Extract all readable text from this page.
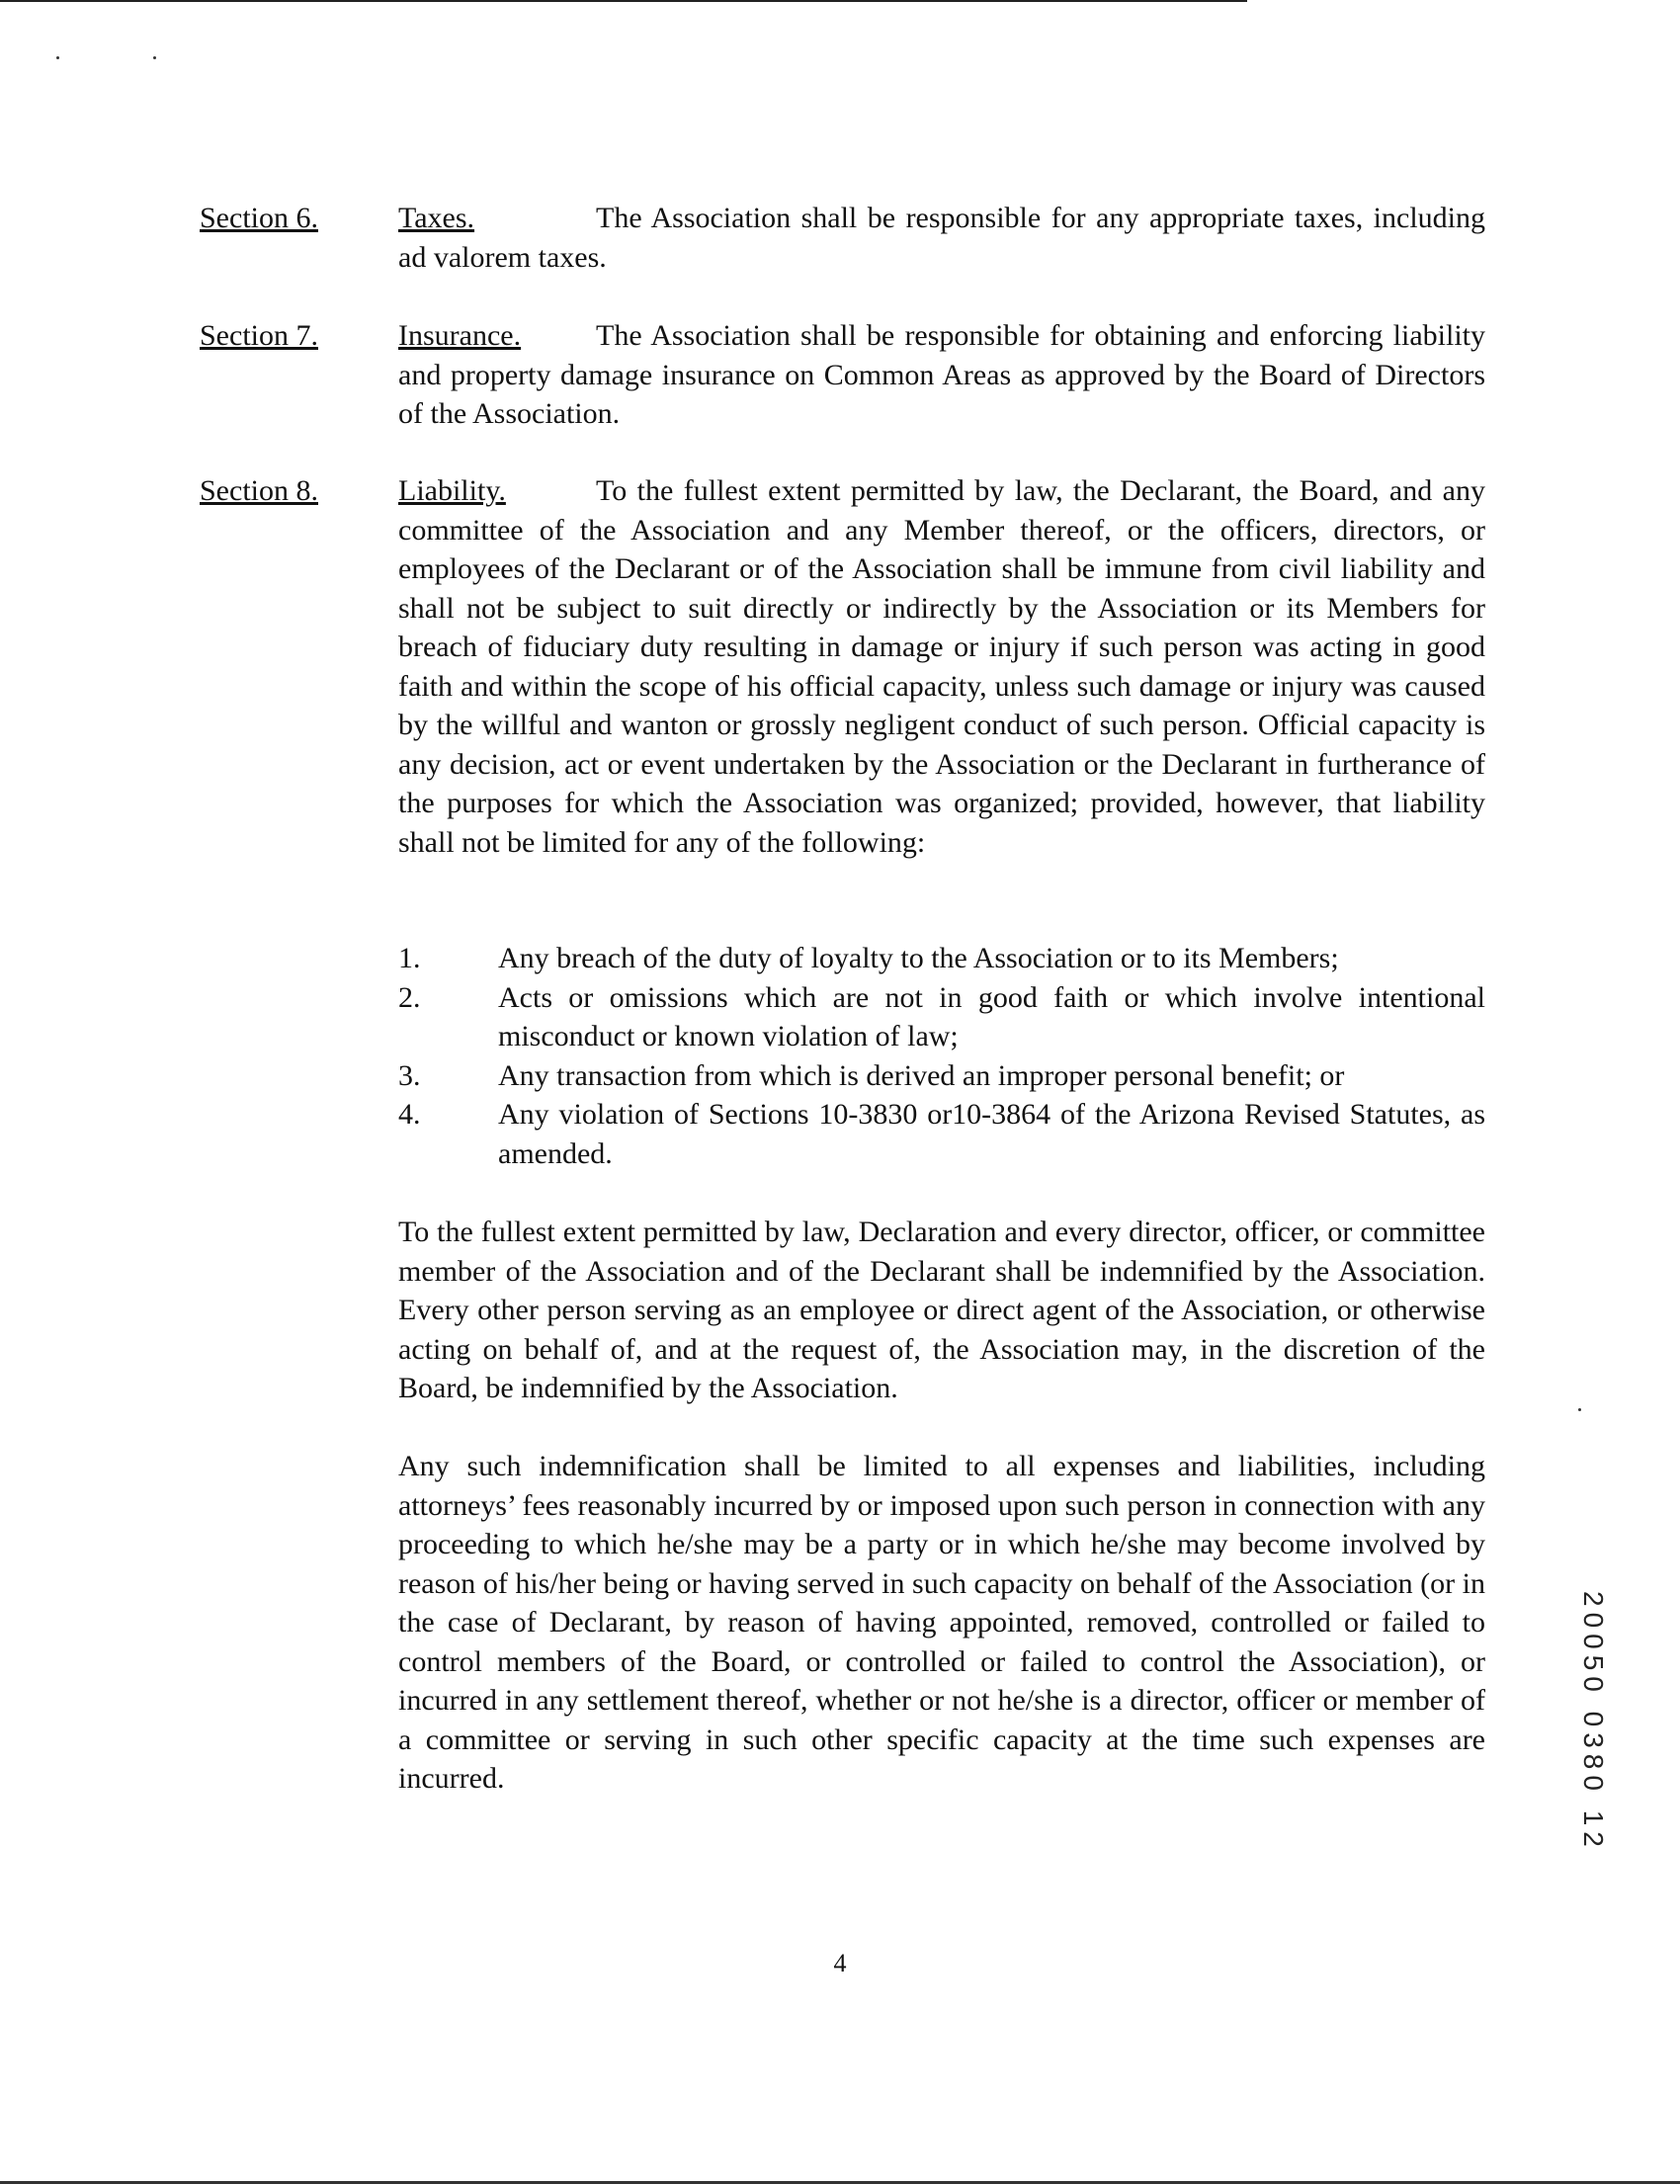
Section 6.	Taxes.	The Association shall be responsible for any appropriate taxes, including ad valorem taxes.
Section 7.	Insurance.	The Association shall be responsible for obtaining and enforcing liability and property damage insurance on Common Areas as approved by the Board of Directors of the Association.
Section 8.	Liability.	To the fullest extent permitted by law, the Declarant, the Board, and any committee of the Association and any Member thereof, or the officers, directors, or employees of the Declarant or of the Association shall be immune from civil liability and shall not be subject to suit directly or indirectly by the Association or its Members for breach of fiduciary duty resulting in damage or injury if such person was acting in good faith and within the scope of his official capacity, unless such damage or injury was caused by the willful and wanton or grossly negligent conduct of such person. Official capacity is any decision, act or event undertaken by the Association or the Declarant in furtherance of the purposes for which the Association was organized; provided, however, that liability shall not be limited for any of the following:
1.	Any breach of the duty of loyalty to the Association or to its Members;
2.	Acts or omissions which are not in good faith or which involve intentional misconduct or known violation of law;
3.	Any transaction from which is derived an improper personal benefit; or
4.	Any violation of Sections 10-3830 or10-3864 of the Arizona Revised Statutes, as amended.
To the fullest extent permitted by law, Declaration and every director, officer, or committee member of the Association and of the Declarant shall be indemnified by the Association. Every other person serving as an employee or direct agent of the Association, or otherwise acting on behalf of, and at the request of, the Association may, in the discretion of the Board, be indemnified by the Association.
Any such indemnification shall be limited to all expenses and liabilities, including attorneys’ fees reasonably incurred by or imposed upon such person in connection with any proceeding to which he/she may be a party or in which he/she may become involved by reason of his/her being or having served in such capacity on behalf of the Association (or in the case of Declarant, by reason of having appointed, removed, controlled or failed to control members of the Board, or controlled or failed to control the Association), or incurred in any settlement thereof, whether or not he/she is a director, officer or member of a committee or serving in such other specific capacity at the time such expenses are incurred.	20050 0380 12
4
